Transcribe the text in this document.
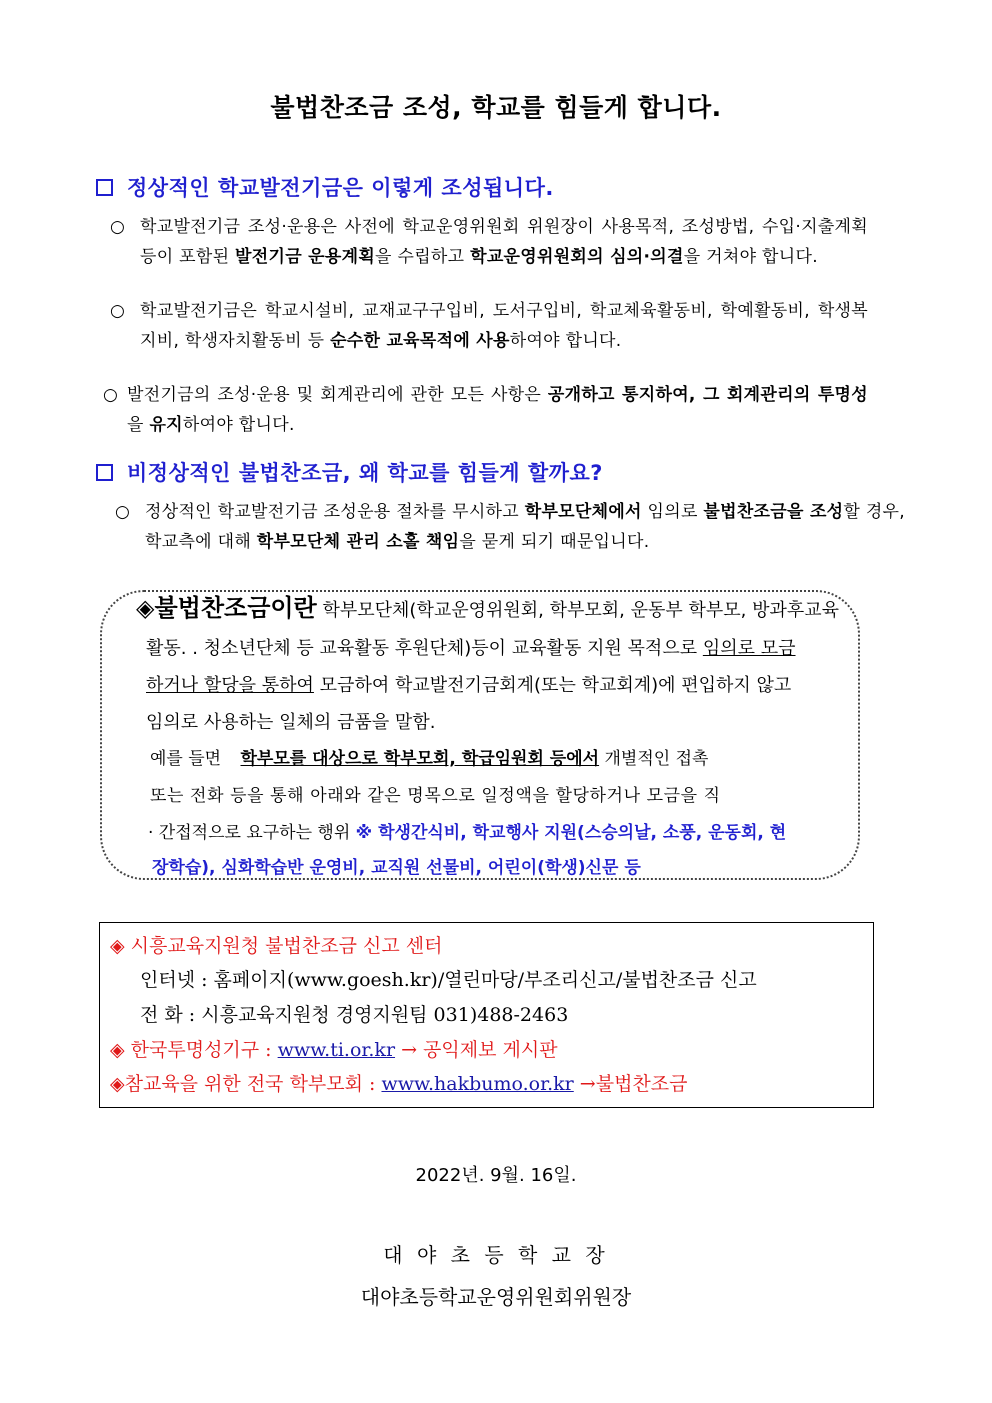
불법찬조금 조성, 학교를 힘들게 합니다.
정상적인 학교발전기금은 이렇게 조성됩니다.
○ 학교발전기금 조성·운용은 사전에 학교운영위원회 위원장이 사용목적, 조성방법, 수입·지출계획 등이 포함된 발전기금 운용계획을 수립하고 학교운영위원회의 심의·의결을 거쳐야 합니다.
○ 학교발전기금은 학교시설비, 교재교구구입비, 도서구입비, 학교체육활동비, 학예활동비, 학생복지비, 학생자치활동비 등 순수한 교육목적에 사용하여야 합니다.
○ 발전기금의 조성·운용 및 회계관리에 관한 모든 사항은 공개하고 통지하여, 그 회계관리의 투명성을 유지하여야 합니다.
비정상적인 불법찬조금, 왜 학교를 힘들게 할까요?
○ 정상적인 학교발전기금 조성운용 절차를 무시하고 학부모단체에서 임의로 불법찬조금을 조성할 경우, 학교측에 대해 학부모단체 관리 소홀 책임을 묻게 되기 때문입니다.
◈불법찬조금이란 학부모단체(학교운영위원회, 학부모회, 운동부 학부모, 방과후교육
활동. . 청소년단체 등 교육활동 후원단체)등이 교육활동 지원 목적으로 임의로 모금
하거나 할당을 통하여 모금하여 학교발전기금회계(또는 학교회계)에 편입하지 않고
임의로 사용하는 일체의 금품을 말함.
예를 들면 학부모를 대상으로 학부모회, 학급임원회 등에서 개별적인 접촉
또는 전화 등을 통해 아래와 같은 명목으로 일정액을 할당하거나 모금을 직
· 간접적으로 요구하는 행위 ※ 학생간식비, 학교행사 지원(스승의날, 소풍, 운동회, 현
장학습), 심화학습반 운영비, 교직원 선물비, 어린이(학생)신문 등
◈ 시흥교육지원청 불법찬조금 신고 센터
인터넷 : 홈페이지(www.goesh.kr)/열린마당/부조리신고/불법찬조금 신고
전 화 : 시흥교육지원청 경영지원팀 031)488-2463
◈ 한국투명성기구 : www.ti.or.kr → 공익제보 게시판
◈참교육을 위한 전국 학부모회 : www.hakbumo.or.kr →불법찬조금
2022년. 9월. 16일.
대 야 초 등 학 교 장
대야초등학교운영위원회위원장
